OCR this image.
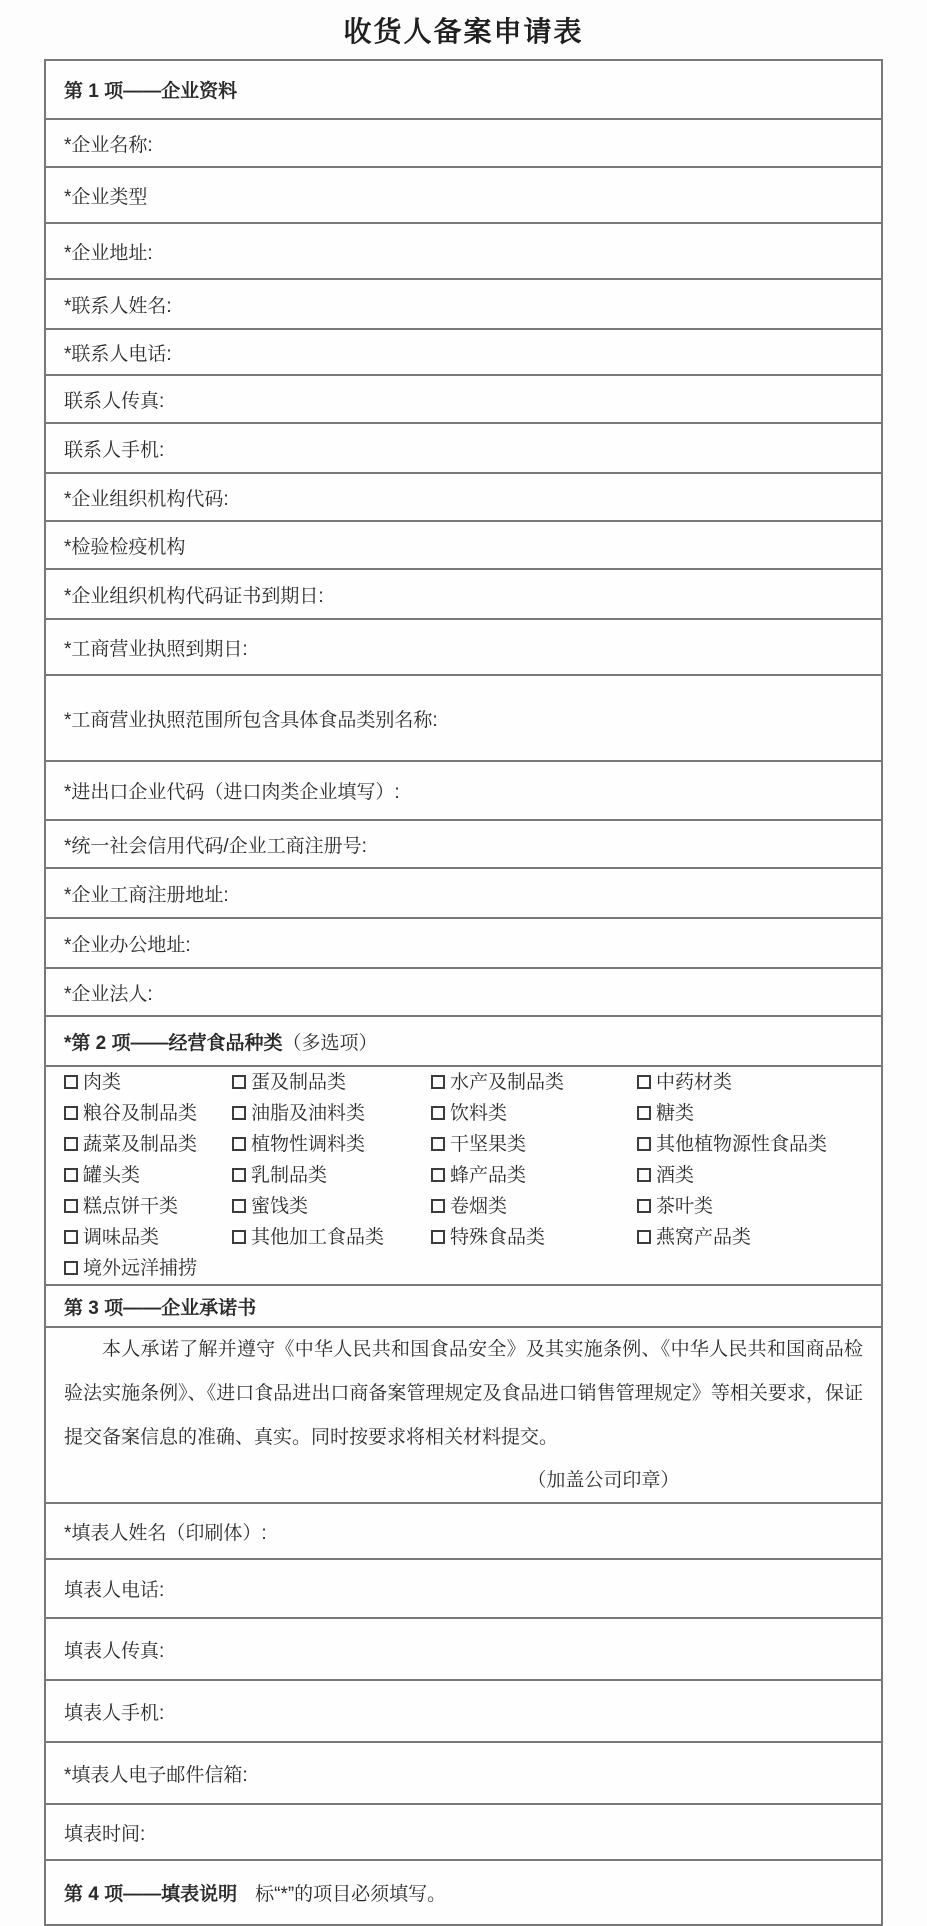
收货人备案申请表
第 1 项——企业资料
*企业名称:
*企业类型
*企业地址:
*联系人姓名:
*联系人电话:
联系人传真:
联系人手机:
*企业组织机构代码:
*检验检疫机构
*企业组织机构代码证书到期日:
*工商营业执照到期日:
*工商营业执照范围所包含具体食品类别名称:
*进出口企业代码（进口肉类企业填写）:
*统一社会信用代码/企业工商注册号:
*企业工商注册地址:
*企业办公地址:
*企业法人:
*第 2 项——经营食品种类（多选项）

肉类	蛋及制品类	水产及制品类	中药材类
粮谷及制品类	油脂及油料类	饮料类	糖类
蔬菜及制品类	植物性调料类	干坚果类	其他植物源性食品类
罐头类	乳制品类	蜂产品类	酒类
糕点饼干类	蜜饯类	卷烟类	茶叶类
调味品类	其他加工食品类	特殊食品类	燕窝产品类
境外远洋捕捞

第 3 项——企业承诺书

本人承诺了解并遵守《中华人民共和国食品安全》及其实施条例、《中华人民共和国商品检验法实施条例》、《进口食品进出口商备案管理规定及食品进口销售管理规定》等相关要求，保证提交备案信息的准确、真实。同时按要求将相关材料提交。

（加盖公司印章）

*填表人姓名（印刷体）:
填表人电话:
填表人传真:
填表人手机:
*填表人电子邮件信箱:
填表时间:
第 4 项——填表说明 标“*”的项目必须填写。
